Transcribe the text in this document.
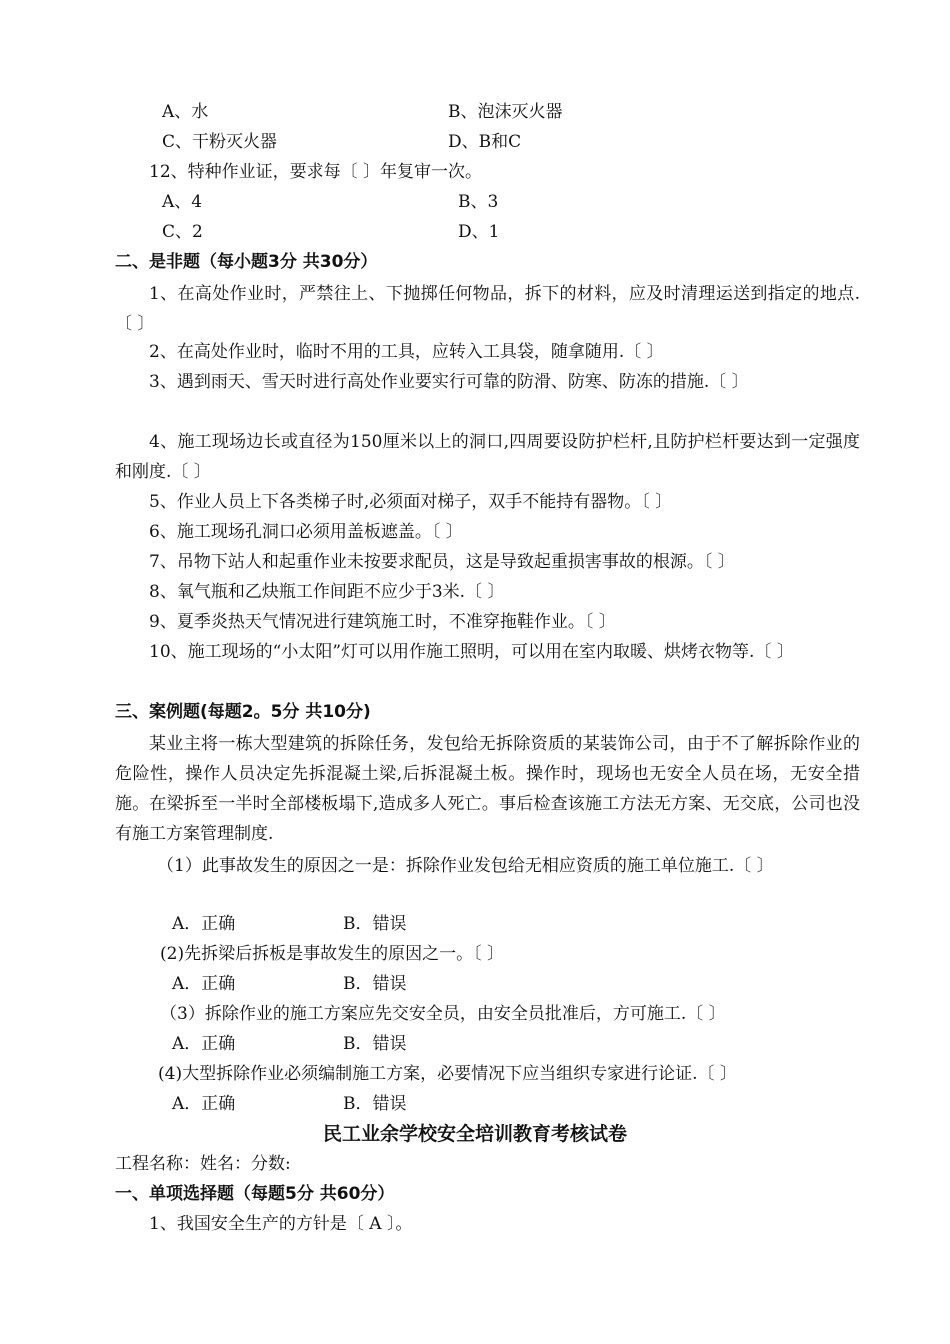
A、水	B、泡沫灭火器
C、干粉灭火器	D、B和C
12、特种作业证，要求每〔 〕年复审一次。
A、4	B、3
C、2	D、1
二、是非题（每小题3分 共30分）
1、在高处作业时，严禁往上、下抛掷任何物品，拆下的材料，应及时清理运送到指定的地点.〔 〕
2、在高处作业时，临时不用的工具，应转入工具袋，随拿随用.〔 〕
3、遇到雨天、雪天时进行高处作业要实行可靠的防滑、防寒、防冻的措施.〔 〕
4、施工现场边长或直径为150厘米以上的洞口,四周要设防护栏杆,且防护栏杆要达到一定强度和刚度.〔 〕
5、作业人员上下各类梯子时,必须面对梯子，双手不能持有器物。〔 〕
6、施工现场孔洞口必须用盖板遮盖。〔 〕
7、吊物下站人和起重作业未按要求配员，这是导致起重损害事故的根源。〔 〕
8、氧气瓶和乙炔瓶工作间距不应少于3米.〔 〕
9、夏季炎热天气情况进行建筑施工时，不准穿拖鞋作业。〔 〕
10、施工现场的“小太阳”灯可以用作施工照明，可以用在室内取暖、烘烤衣物等.〔 〕
三、案例题(每题2。5分 共10分)
某业主将一栋大型建筑的拆除任务，发包给无拆除资质的某装饰公司，由于不了解拆除作业的危险性，操作人员决定先拆混凝土梁,后拆混凝土板。操作时，现场也无安全人员在场，无安全措施。在梁拆至一半时全部楼板塌下,造成多人死亡。事后检查该施工方法无方案、无交底，公司也没有施工方案管理制度.
（1）此事故发生的原因之一是：拆除作业发包给无相应资质的施工单位施工.〔 〕
A．正确	B．错误
(2)先拆梁后拆板是事故发生的原因之一。〔 〕
A．正确	B．错误
（3）拆除作业的施工方案应先交安全员，由安全员批准后，方可施工.〔 〕
A．正确	B．错误
(4)大型拆除作业必须编制施工方案，必要情况下应当组织专家进行论证.〔 〕
A．正确	B．错误
民工业余学校安全培训教育考核试卷
工程名称：姓名：分数:
一、单项选择题（每题5分 共60分）
1、我国安全生产的方针是〔 A 〕。
